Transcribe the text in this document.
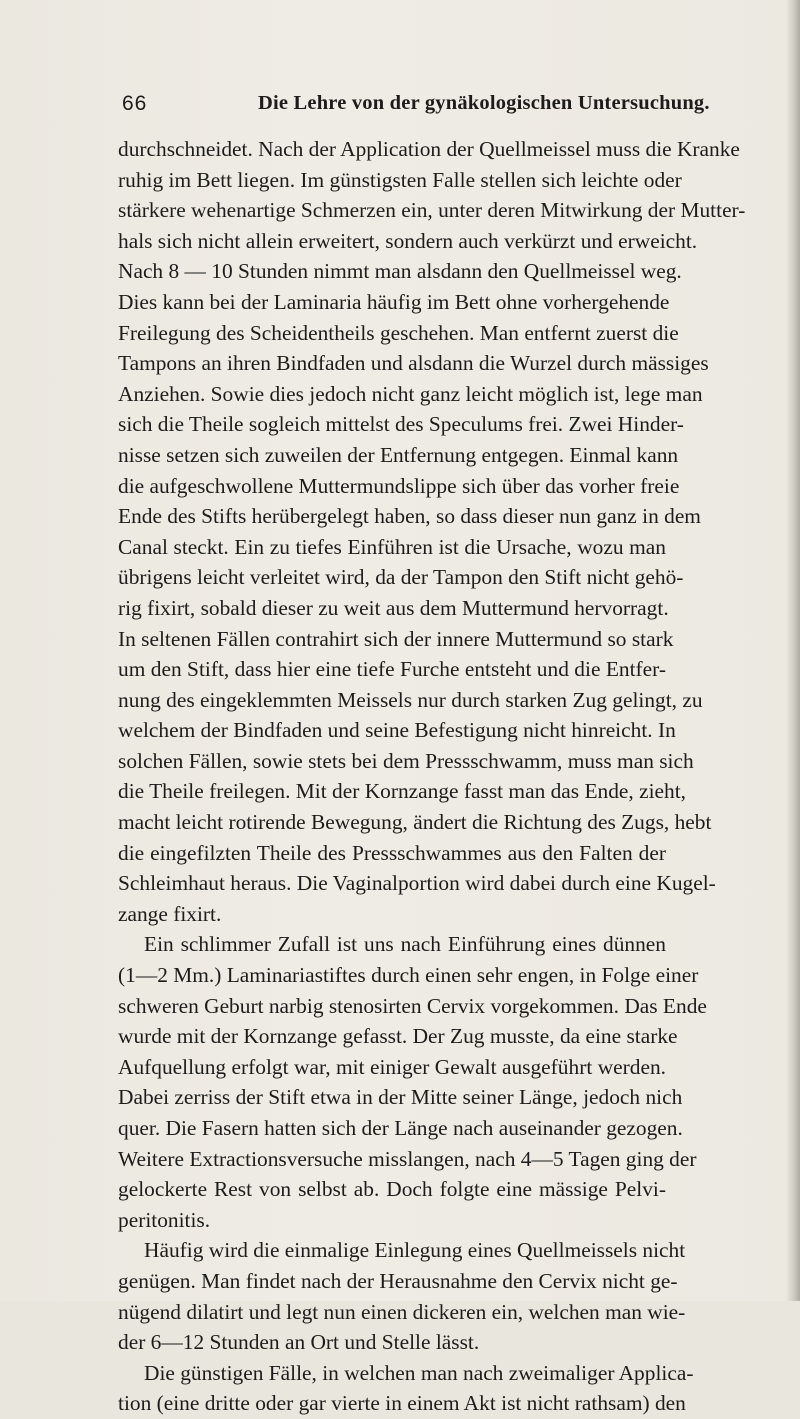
66	Die Lehre von der gynäkologischen Untersuchung.
durchschneidet. Nach der Application der Quellmeissel muss die Kranke
ruhig im Bett liegen. Im günstigsten Falle stellen sich leichte oder
stärkere wehenartige Schmerzen ein, unter deren Mitwirkung der Mutter-
hals sich nicht allein erweitert, sondern auch verkürzt und erweicht.
Nach 8 — 10 Stunden nimmt man alsdann den Quellmeissel weg.
Dies kann bei der Laminaria häufig im Bett ohne vorhergehende
Freilegung des Scheidentheils geschehen. Man entfernt zuerst die
Tampons an ihren Bindfaden und alsdann die Wurzel durch mässiges
Anziehen. Sowie dies jedoch nicht ganz leicht möglich ist, lege man
sich die Theile sogleich mittelst des Speculums frei. Zwei Hinder-
nisse setzen sich zuweilen der Entfernung entgegen. Einmal kann
die aufgeschwollene Muttermundslippe sich über das vorher freie
Ende des Stifts herübergelegt haben, so dass dieser nun ganz in dem
Canal steckt. Ein zu tiefes Einführen ist die Ursache, wozu man
übrigens leicht verleitet wird, da der Tampon den Stift nicht gehö-
rig fixirt, sobald dieser zu weit aus dem Muttermund hervorragt.
In seltenen Fällen contrahirt sich der innere Muttermund so stark
um den Stift, dass hier eine tiefe Furche entsteht und die Entfer-
nung des eingeklemmten Meissels nur durch starken Zug gelingt, zu
welchem der Bindfaden und seine Befestigung nicht hinreicht. In
solchen Fällen, sowie stets bei dem Pressschwamm, muss man sich
die Theile freilegen. Mit der Kornzange fasst man das Ende, zieht,
macht leicht rotirende Bewegung, ändert die Richtung des Zugs, hebt
die eingefilzten Theile des Pressschwammes aus den Falten der
Schleimhaut heraus. Die Vaginalportion wird dabei durch eine Kugel-
zange fixirt.
Ein schlimmer Zufall ist uns nach Einführung eines dünnen
(1—2 Mm.) Laminariastiftes durch einen sehr engen, in Folge einer
schweren Geburt narbig stenosirten Cervix vorgekommen. Das Ende
wurde mit der Kornzange gefasst. Der Zug musste, da eine starke
Aufquellung erfolgt war, mit einiger Gewalt ausgeführt werden.
Dabei zerriss der Stift etwa in der Mitte seiner Länge, jedoch nich
quer. Die Fasern hatten sich der Länge nach auseinander gezogen.
Weitere Extractionsversuche misslangen, nach 4—5 Tagen ging der
gelockerte Rest von selbst ab. Doch folgte eine mässige Pelvi-
peritonitis.
Häufig wird die einmalige Einlegung eines Quellmeissels nicht
genügen. Man findet nach der Herausnahme den Cervix nicht ge-
nügend dilatirt und legt nun einen dickeren ein, welchen man wie-
der 6—12 Stunden an Ort und Stelle lässt.
Die günstigen Fälle, in welchen man nach zweimaliger Applica-
tion (eine dritte oder gar vierte in einem Akt ist nicht rathsam) den
